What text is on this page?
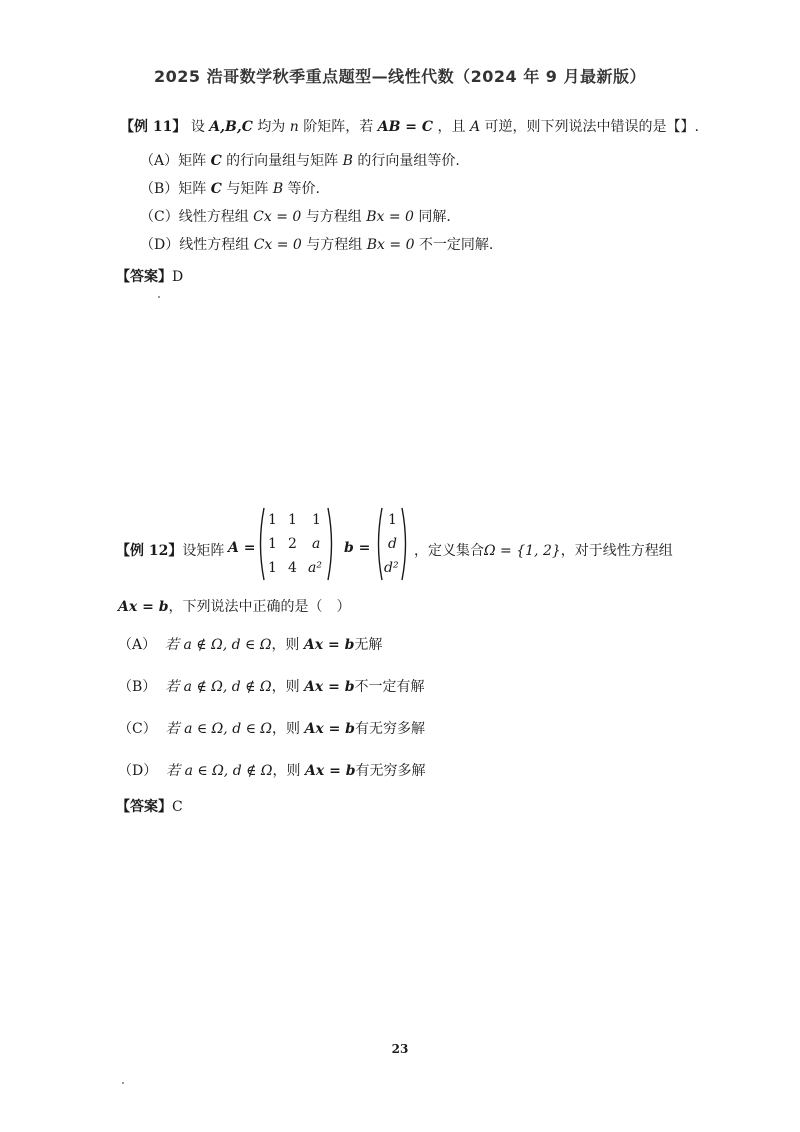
2025 浩哥数学秋季重点题型—线性代数（2024 年 9 月最新版）
【例 11】 设 A,B,C 均为 n 阶矩阵，若 AB = C ，且 A 可逆，则下列说法中错误的是【】.
（A）矩阵 C 的行向量组与矩阵 B 的行向量组等价.
（B）矩阵 C 与矩阵 B 等价.
（C）线性方程组 Cx = 0 与方程组 Bx = 0 同解.
（D）线性方程组 Cx = 0 与方程组 Bx = 0 不一定同解.
【答案】D
【例 12】设矩阵 A =
1 1 1
1 2 a
1 4 a²
b =
1
d
d²
，定义集合Ω = {1, 2}，对于线性方程组
Ax = b，下列说法中正确的是（　）
（A） 若 a ∉ Ω, d ∈ Ω，则 Ax = b无解
（B） 若 a ∉ Ω, d ∉ Ω，则 Ax = b不一定有解
（C） 若 a ∈ Ω, d ∈ Ω，则 Ax = b有无穷多解
（D） 若 a ∈ Ω, d ∉ Ω，则 Ax = b有无穷多解
【答案】C
23
